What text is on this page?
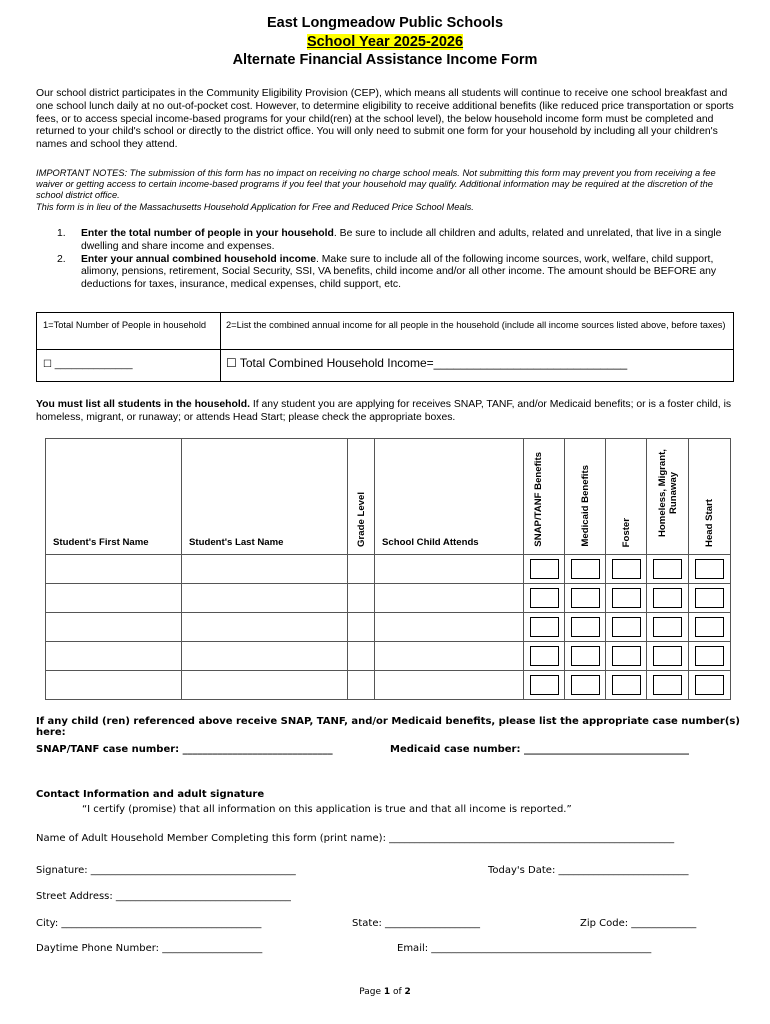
East Longmeadow Public Schools
School Year 2025-2026
Alternate Financial Assistance Income Form
Our school district participates in the Community Eligibility Provision (CEP), which means all students will continue to receive one school breakfast and one school lunch daily at no out-of-pocket cost. However, to determine eligibility to receive additional benefits (like reduced price transportation or sports fees, or to access special income-based programs for your child(ren) at the school level), the below household income form must be completed and returned to your child's school or directly to the district office. You will only need to submit one form for your household by including all your children's names and school they attend.
IMPORTANT NOTES: The submission of this form has no impact on receiving no charge school meals. Not submitting this form may prevent you from receiving a fee waiver or getting access to certain income-based programs if you feel that your household may qualify. Additional information may be required at the discretion of the school district office.
This form is in lieu of the Massachusetts Household Application for Free and Reduced Price School Meals.
1. Enter the total number of people in your household. Be sure to include all children and adults, related and unrelated, that live in a single dwelling and share income and expenses.
2. Enter your annual combined household income. Make sure to include all of the following income sources, work, welfare, child support, alimony, pensions, retirement, Social Security, SSI, VA benefits, child income and/or all other income. The amount should be BEFORE any deductions for taxes, insurance, medical expenses, child support, etc.
1=Total Number of People in household	2=List the combined annual income for all people in the household (include all income sources listed above, before taxes)
☐ ______________	☐ Total Combined Household Income=_____________________________
You must list all students in the household. If any student you are applying for receives SNAP, TANF, and/or Medicaid benefits; or is a foster child, is homeless, migrant, or runaway; or attends Head Start; please check the appropriate boxes.
Student's First Name	Student's Last Name	Grade Level	School Child Attends	SNAP/TANF Benefits	Medicaid Benefits	Foster	Homeless, Migrant, Runaway	Head Start

If any child (ren) referenced above receive SNAP, TANF, and/or Medicaid benefits, please list the appropriate case number(s) here:
SNAP/TANF case number: ______________________________	Medicaid case number: _________________________________
Contact Information and adult signature
“I certify (promise) that all information on this application is true and that all income is reported.”
Name of Adult Household Member Completing this form (print name): _________________________________________________________
Signature: _________________________________________	Today's Date: __________________________
Street Address: ___________________________________
City: ________________________________________	State: ___________________	Zip Code: _____________
Daytime Phone Number: ____________________	Email: ____________________________________________
Page 1 of 2
